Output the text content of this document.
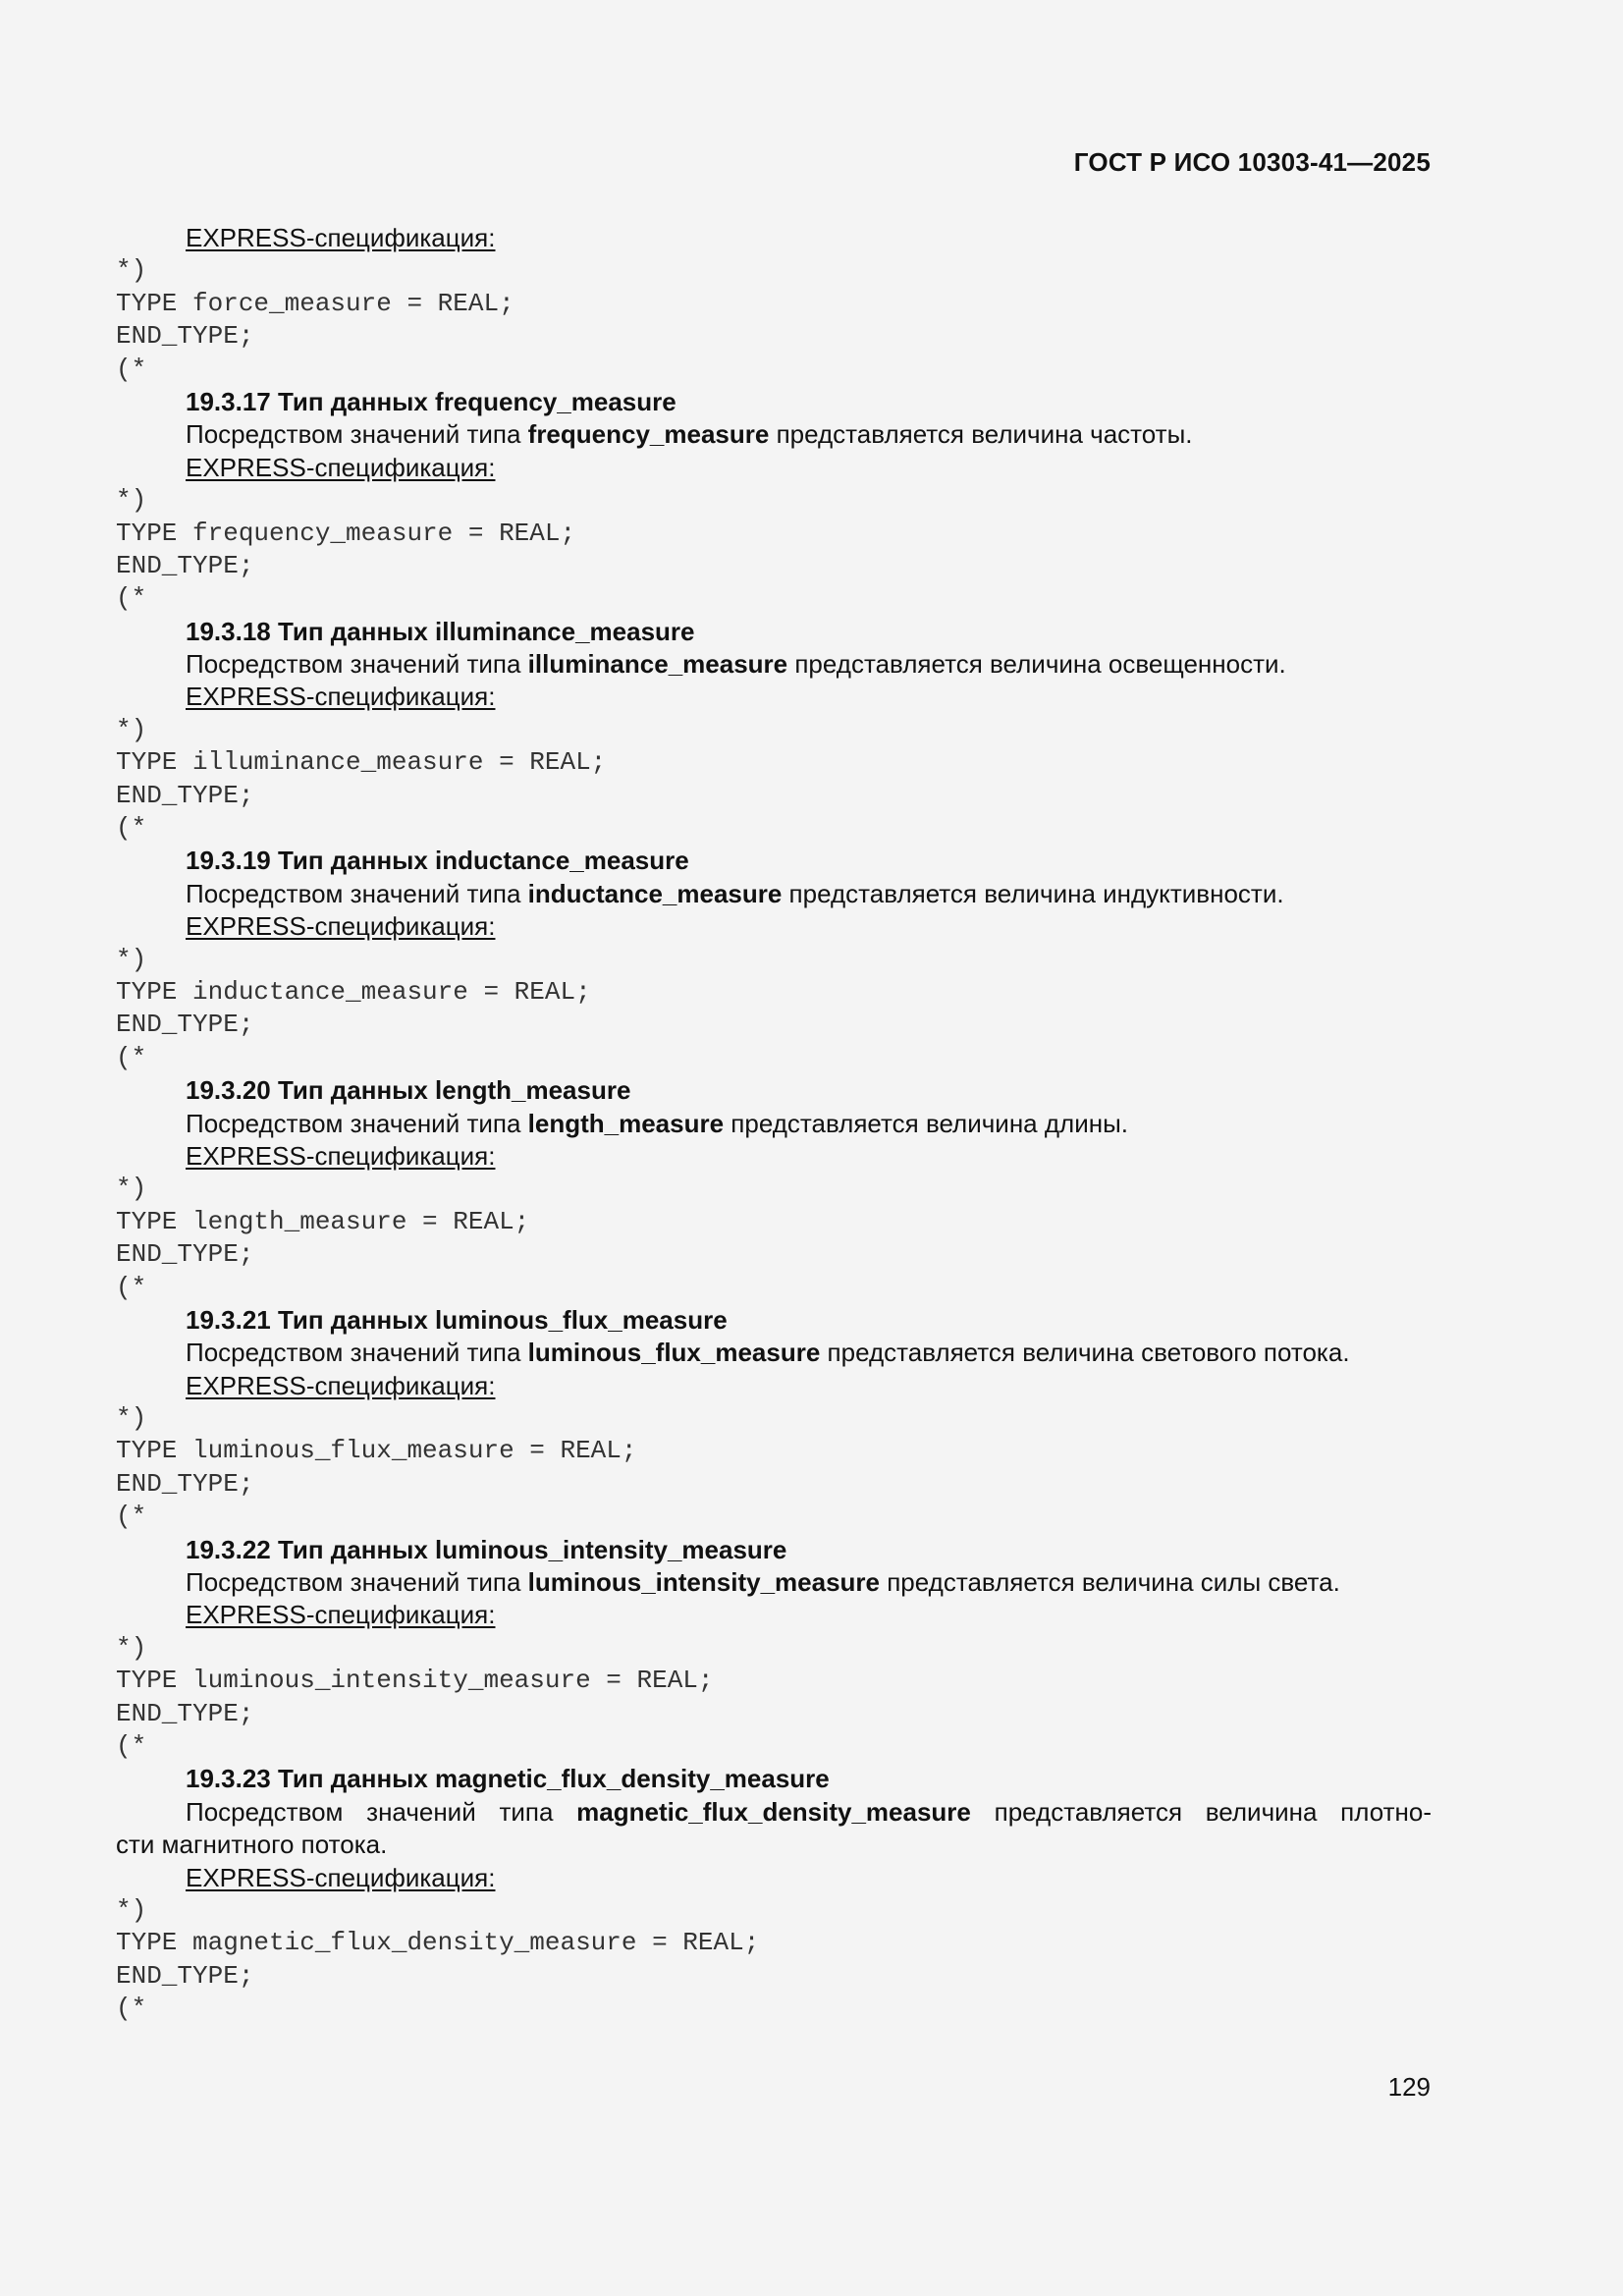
ГОСТ Р ИСО 10303-41—2025
EXPRESS-спецификация:
*)
TYPE force_measure = REAL;
END_TYPE;
(*
19.3.17 Тип данных frequency_measure
Посредством значений типа frequency_measure представляется величина частоты.
EXPRESS-спецификация:
*)
TYPE frequency_measure = REAL;
END_TYPE;
(*
19.3.18 Тип данных illuminance_measure
Посредством значений типа illuminance_measure представляется величина освещенности.
EXPRESS-спецификация:
*)
TYPE illuminance_measure = REAL;
END_TYPE;
(*
19.3.19 Тип данных inductance_measure
Посредством значений типа inductance_measure представляется величина индуктивности.
EXPRESS-спецификация:
*)
TYPE inductance_measure = REAL;
END_TYPE;
(*
19.3.20 Тип данных length_measure
Посредством значений типа length_measure представляется величина длины.
EXPRESS-спецификация:
*)
TYPE length_measure = REAL;
END_TYPE;
(*
19.3.21 Тип данных luminous_flux_measure
Посредством значений типа luminous_flux_measure представляется величина светового потока.
EXPRESS-спецификация:
*)
TYPE luminous_flux_measure = REAL;
END_TYPE;
(*
19.3.22 Тип данных luminous_intensity_measure
Посредством значений типа luminous_intensity_measure представляется величина силы света.
EXPRESS-спецификация:
*)
TYPE luminous_intensity_measure = REAL;
END_TYPE;
(*
19.3.23 Тип данных magnetic_flux_density_measure
Посредством значений типа magnetic_flux_density_measure представляется величина плотно-
сти магнитного потока.
EXPRESS-спецификация:
*)
TYPE magnetic_flux_density_measure = REAL;
END_TYPE;
(*
129
